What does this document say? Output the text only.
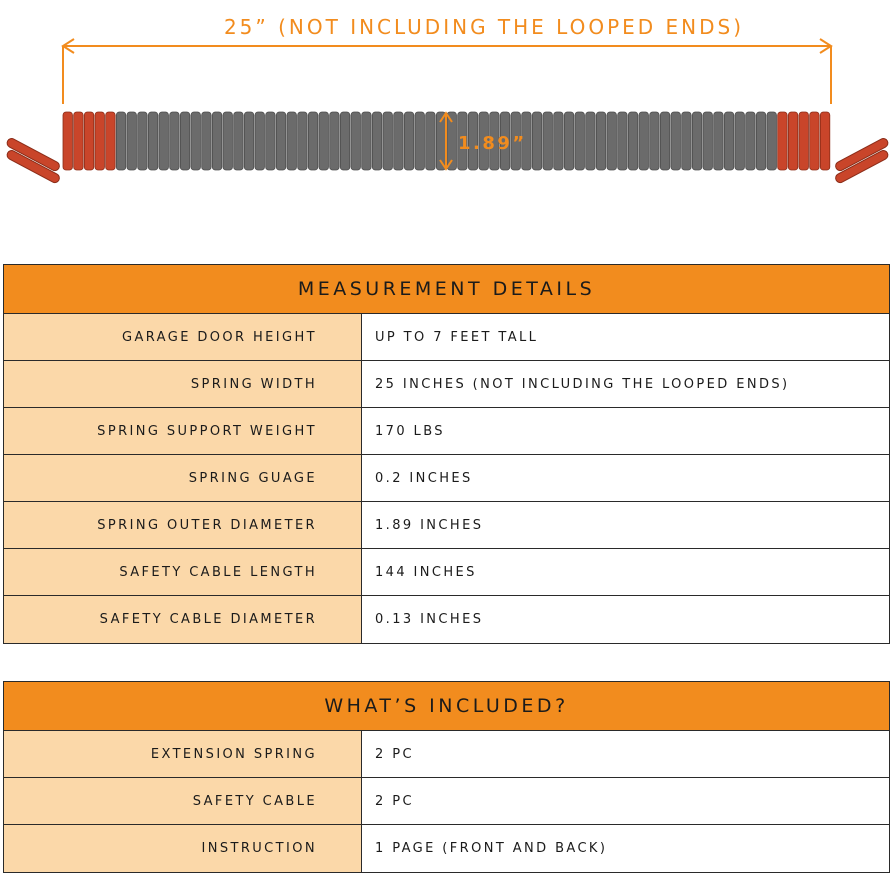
25” (NOT INCLUDING THE LOOPED ENDS)
1.89”
MEASUREMENT DETAILS
GARAGE DOOR HEIGHT	UP TO 7 FEET TALL
SPRING WIDTH	25 INCHES (NOT INCLUDING THE LOOPED ENDS)
SPRING SUPPORT WEIGHT	170 LBS
SPRING GUAGE	0.2 INCHES
SPRING OUTER DIAMETER	1.89 INCHES
SAFETY CABLE LENGTH	144 INCHES
SAFETY CABLE DIAMETER	0.13 INCHES
WHAT’S INCLUDED?
EXTENSION SPRING	2 PC
SAFETY CABLE	2 PC
INSTRUCTION	1 PAGE (FRONT AND BACK)
